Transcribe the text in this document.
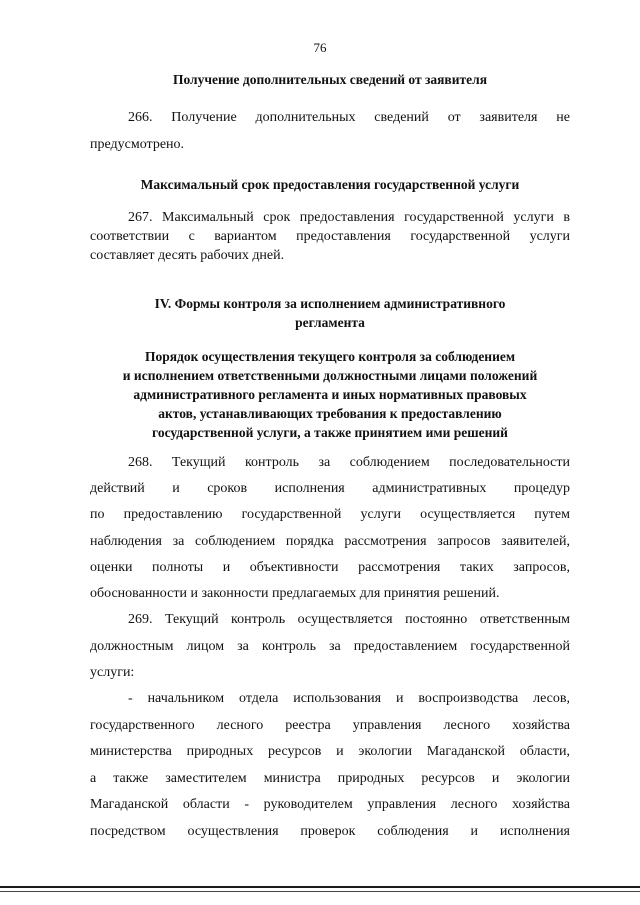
76
Получение дополнительных сведений от заявителя
266. Получение дополнительных сведений от заявителя не
предусмотрено.
Максимальный срок предоставления государственной услуги
267. Максимальный срок предоставления государственной услуги в
соответствии с вариантом предоставления государственной услуги
составляет десять рабочих дней.
IV. Формы контроля за исполнением административного
регламента
Порядок осуществления текущего контроля за соблюдением
и исполнением ответственными должностными лицами положений
административного регламента и иных нормативных правовых
актов, устанавливающих требования к предоставлению
государственной услуги, а также принятием ими решений
268. Текущий контроль за соблюдением последовательности
действий и сроков исполнения административных процедур
по предоставлению государственной услуги осуществляется путем
наблюдения за соблюдением порядка рассмотрения запросов заявителей,
оценки полноты и объективности рассмотрения таких запросов,
обоснованности и законности предлагаемых для принятия решений.
269. Текущий контроль осуществляется постоянно ответственным
должностным лицом за контроль за предоставлением государственной
услуги:
- начальником отдела использования и воспроизводства лесов,
государственного лесного реестра управления лесного хозяйства
министерства природных ресурсов и экологии Магаданской области,
а также заместителем министра природных ресурсов и экологии
Магаданской области - руководителем управления лесного хозяйства
посредством осуществления проверок соблюдения и исполнения
